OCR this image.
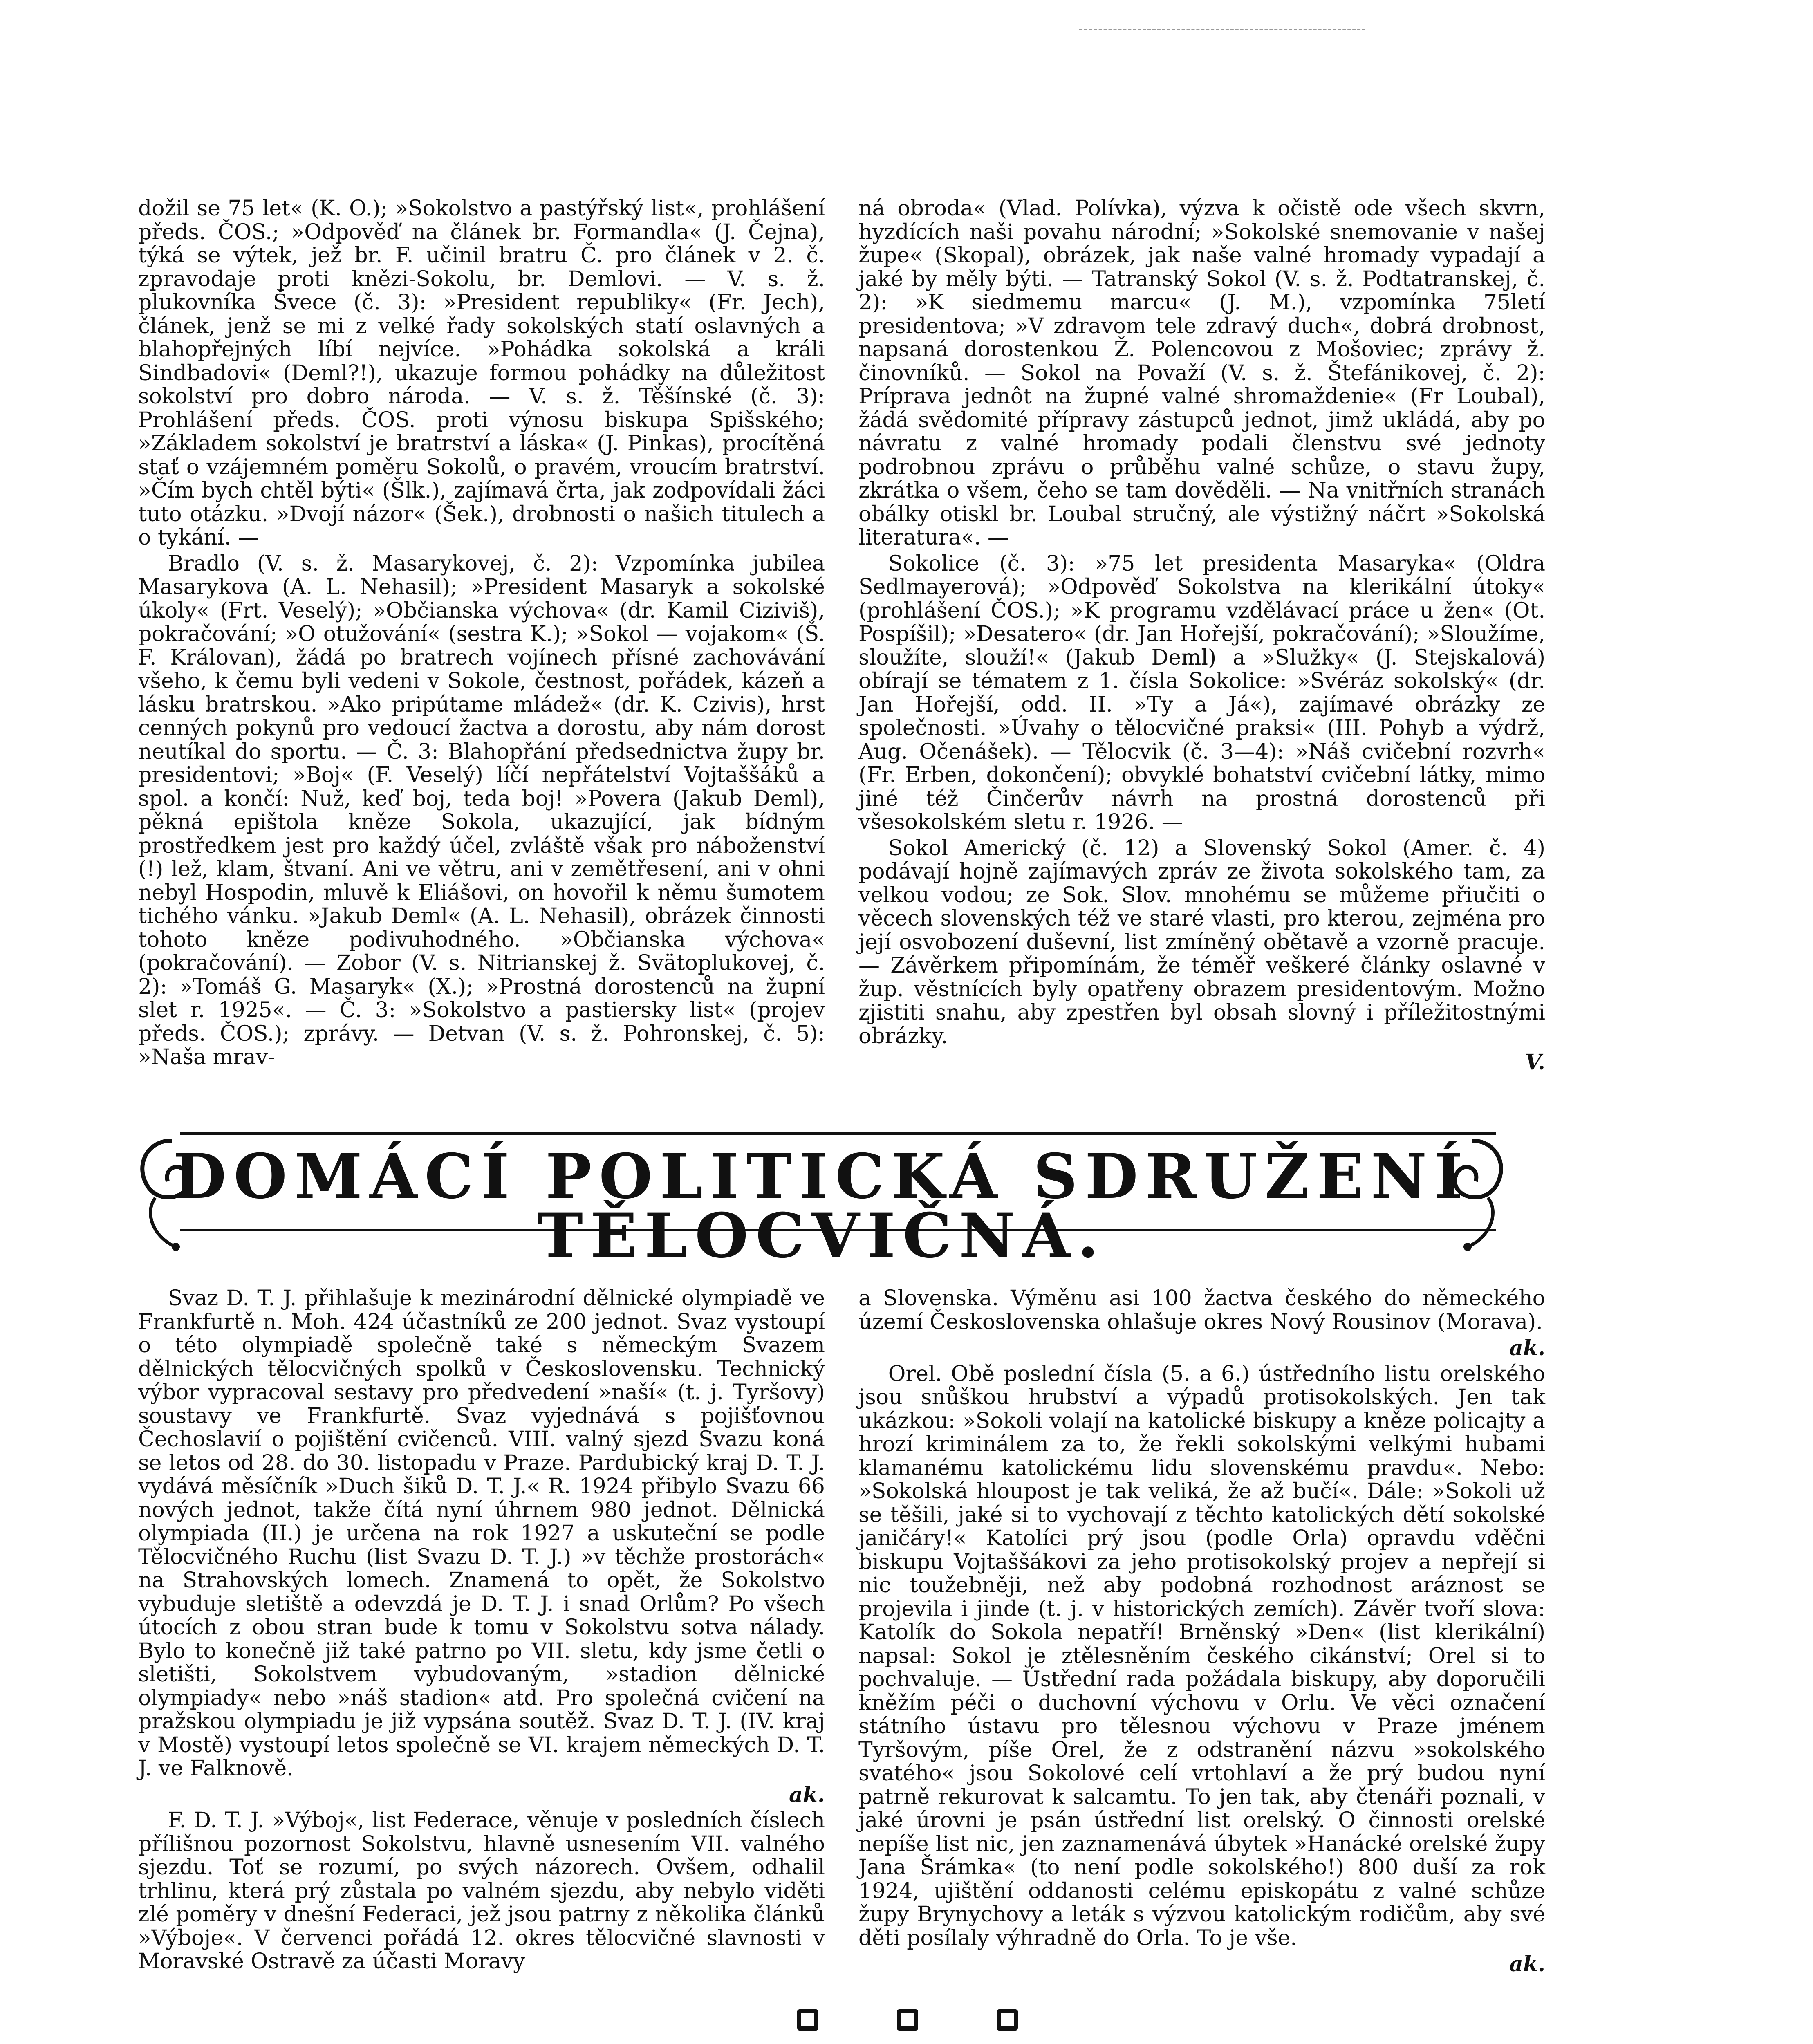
dožil se 75 let« (K. O.); »Sokolstvo a pastýřský list«, prohlášení předs. ČOS.; »Odpověď na článek br. Formandla« (J. Čejna), týká se výtek, jež br. F. učinil bratru Č. pro článek v 2. č. zpravodaje proti knězi-Sokolu, br. Demlovi. — V. s. ž. plukovníka Švece (č. 3): »President republiky« (Fr. Jech), článek, jenž se mi z velké řady sokolských statí oslavných a blahopřejných líbí nejvíce. »Pohádka sokolská a králi Sindbadovi« (Deml?!), ukazuje formou pohádky na důležitost sokolství pro dobro národa. — V. s. ž. Těšínské (č. 3): Prohlášení předs. ČOS. proti výnosu biskupa Spišského; »Základem sokolství je bratrství a láska« (J. Pinkas), procítěná stať o vzájemném poměru Sokolů, o pravém, vroucím bratrství. »Čím bych chtěl býti« (Šlk.), zajímavá črta, jak zodpovídali žáci tuto otázku. »Dvojí názor« (Šek.), drobnosti o našich titulech a o tykání. —

Bradlo (V. s. ž. Masarykovej, č. 2): Vzpomínka jubilea Masarykova (A. L. Nehasil); »President Masaryk a sokolské úkoly« (Frt. Veselý); »Občianska výchova« (dr. Kamil Ciziviš), pokračování; »O otužování« (sestra K.); »Sokol — vojakom« (Š. F. Královan), žádá po bratrech vojínech přísné zachovávání všeho, k čemu byli vedeni v Sokole, čestnost, pořádek, kázeň a lásku bratrskou. »Ako pripútame mládež« (dr. K. Czivis), hrst cenných pokynů pro vedoucí žactva a dorostu, aby nám dorost neutíkal do sportu. — Č. 3: Blahopřání předsednictva župy br. presidentovi; »Boj« (F. Veselý) líčí nepřátelství Vojtaššáků a spol. a končí: Nuž, keď boj, teda boj! »Povera (Jakub Deml), pěkná epištola kněze Sokola, ukazující, jak bídným prostředkem jest pro každý účel, zvláště však pro náboženství (!) lež, klam, štvaní. Ani ve větru, ani v zemětřesení, ani v ohni nebyl Hospodin, mluvě k Eliášovi, on hovořil k němu šumotem tichého vánku. »Jakub Deml« (A. L. Nehasil), obrázek činnosti tohoto kněze podivuhodného. »Občianska výchova« (pokračování). — Zobor (V. s. Nitrianskej ž. Svätoplukovej, č. 2): »Tomáš G. Masaryk« (X.); »Prostná dorostenců na župní slet r. 1925«. — Č. 3: »Sokolstvo a pastiersky list« (projev předs. ČOS.); zprávy. — Detvan (V. s. ž. Pohronskej, č. 5): »Naša mrav-

ná obroda« (Vlad. Polívka), výzva k očistě ode všech skvrn, hyzdících naši povahu národní; »Sokolské snemovanie v našej župe« (Skopal), obrázek, jak naše valné hromady vypadají a jaké by měly býti. — Tatranský Sokol (V. s. ž. Podtatranskej, č. 2): »K siedmemu marcu« (J. M.), vzpomínka 75letí presidentova; »V zdravom tele zdravý duch«, dobrá drobnost, napsaná dorostenkou Ž. Polencovou z Mošoviec; zprávy ž. činovníků. — Sokol na Považí (V. s. ž. Štefánikovej, č. 2): Príprava jednôt na župné valné shromaždenie« (Fr Loubal), žádá svědomité přípravy zástupců jednot, jimž ukládá, aby po návratu z valné hromady podali členstvu své jednoty podrobnou zprávu o průběhu valné schůze, o stavu župy, zkrátka o všem, čeho se tam dověděli. — Na vnitřních stranách obálky otiskl br. Loubal stručný, ale výstižný náčrt »Sokolská literatura«. —

Sokolice (č. 3): »75 let presidenta Masaryka« (Oldra Sedlmayerová); »Odpověď Sokolstva na klerikální útoky« (prohlášení ČOS.); »K programu vzdělávací práce u žen« (Ot. Pospíšil); »Desatero« (dr. Jan Hořejší, pokračování); »Sloužíme, sloužíte, slouží!« (Jakub Deml) a »Služky« (J. Stejskalová) obírají se tématem z 1. čísla Sokolice: »Svéráz sokolský« (dr. Jan Hořejší, odd. II. »Ty a Já«), zajímavé obrázky ze společnosti. »Úvahy o tělocvičné praksi« (III. Pohyb a výdrž, Aug. Očenášek). — Tělocvik (č. 3—4): »Náš cvičební rozvrh« (Fr. Erben, dokončení); obvyklé bohatství cvičební látky, mimo jiné též Činčerův návrh na prostná dorostenců při všesokolském sletu r. 1926. —

Sokol Americký (č. 12) a Slovenský Sokol (Amer. č. 4) podávají hojně zajímavých zpráv ze života sokolského tam, za velkou vodou; ze Sok. Slov. mnohému se můžeme přiučiti o věcech slovenských též ve staré vlasti, pro kterou, zejména pro její osvobození duševní, list zmíněný obětavě a vzorně pracuje. — Závěrkem připomínám, že téměř veškeré články oslavné v žup. věstnících byly opatřeny obrazem presidentovým. Možno zjistiti snahu, aby zpestřen byl obsah slovný i příležitostnými obrázky.

V.

DOMÁCÍ POLITICKÁ SDRUŽENÍ
TĚLOCVIČNÁ.

Svaz D. T. J. přihlašuje k mezinárodní dělnické olympiadě ve Frankfurtě n. Moh. 424 účastníků ze 200 jednot. Svaz vystoupí o této olympiadě společně také s německým Svazem dělnických tělocvičných spolků v Československu. Technický výbor vypracoval sestavy pro předvedení »naší« (t. j. Tyršovy) soustavy ve Frankfurtě. Svaz vyjednává s pojišťovnou Čechoslavií o pojištění cvičenců. VIII. valný sjezd Svazu koná se letos od 28. do 30. listopadu v Praze. Pardubický kraj D. T. J. vydává měsíčník »Duch šiků D. T. J.« R. 1924 přibylo Svazu 66 nových jednot, takže čítá nyní úhrnem 980 jednot. Dělnická olympiada (II.) je určena na rok 1927 a uskuteční se podle Tělocvičného Ruchu (list Svazu D. T. J.) »v těchže prostorách« na Strahovských lomech. Znamená to opět, že Sokolstvo vybuduje sletiště a odevzdá je D. T. J. i snad Orlům? Po všech útocích z obou stran bude k tomu v Sokolstvu sotva nálady. Bylo to konečně již také patrno po VII. sletu, kdy jsme četli o sletišti, Sokolstvem vybudovaným, »stadion dělnické olympiady« nebo »náš stadion« atd. Pro společná cvičení na pražskou olympiadu je již vypsána soutěž. Svaz D. T. J. (IV. kraj v Mostě) vystoupí letos společně se VI. krajem německých D. T. J. ve Falknově.

ak.

F. D. T. J. »Výboj«, list Federace, věnuje v posledních číslech přílišnou pozornost Sokolstvu, hlavně usnesením VII. valného sjezdu. Toť se rozumí, po svých názorech. Ovšem, odhalil trhlinu, která prý zůstala po valném sjezdu, aby nebylo viděti zlé poměry v dnešní Federaci, jež jsou patrny z několika článků »Výboje«. V červenci pořádá 12. okres tělocvičné slavnosti v Moravské Ostravě za účasti Moravy

a Slovenska. Výměnu asi 100 žactva českého do německého území Československa ohlašuje okres Nový Rousinov (Morava).

ak.

Orel. Obě poslední čísla (5. a 6.) ústředního listu orelského jsou snůškou hrubství a výpadů protisokolských. Jen tak ukázkou: »Sokoli volají na katolické biskupy a kněze policajty a hrozí kriminálem za to, že řekli sokolskými velkými hubami klamanému katolickému lidu slovenskému pravdu«. Nebo: »Sokolská hloupost je tak veliká, že až bučí«. Dále: »Sokoli už se těšili, jaké si to vychovají z těchto katolických dětí sokolské janičáry!« Katolíci prý jsou (podle Orla) opravdu vděčni biskupu Vojtaššákovi za jeho protisokolský projev a nepřejí si nic toužebněji, než aby podobná rozhodnost aráznost se projevila i jinde (t. j. v historických zemích). Závěr tvoří slova: Katolík do Sokola nepatří! Brněnský »Den« (list klerikální) napsal: Sokol je ztělesněním českého cikánství; Orel si to pochvaluje. — Ústřední rada požádala biskupy, aby doporučili kněžím péči o duchovní výchovu v Orlu. Ve věci označení státního ústavu pro tělesnou výchovu v Praze jménem Tyršovým, píše Orel, že z odstranění názvu »sokolského svatého« jsou Sokolové celí vrtohlaví a že prý budou nyní patrně rekurovat k salcamtu. To jen tak, aby čtenáři poznali, v jaké úrovni je psán ústřední list orelský. O činnosti orelské nepíše list nic, jen zaznamenává úbytek »Hanácké orelské župy Jana Šrámka« (to není podle sokolského!) 800 duší za rok 1924, ujištění oddanosti celému episkopátu z valné schůze župy Brynychovy a leták s výzvou katolickým rodičům, aby své děti posílaly výhradně do Orla. To je vše.

ak.
